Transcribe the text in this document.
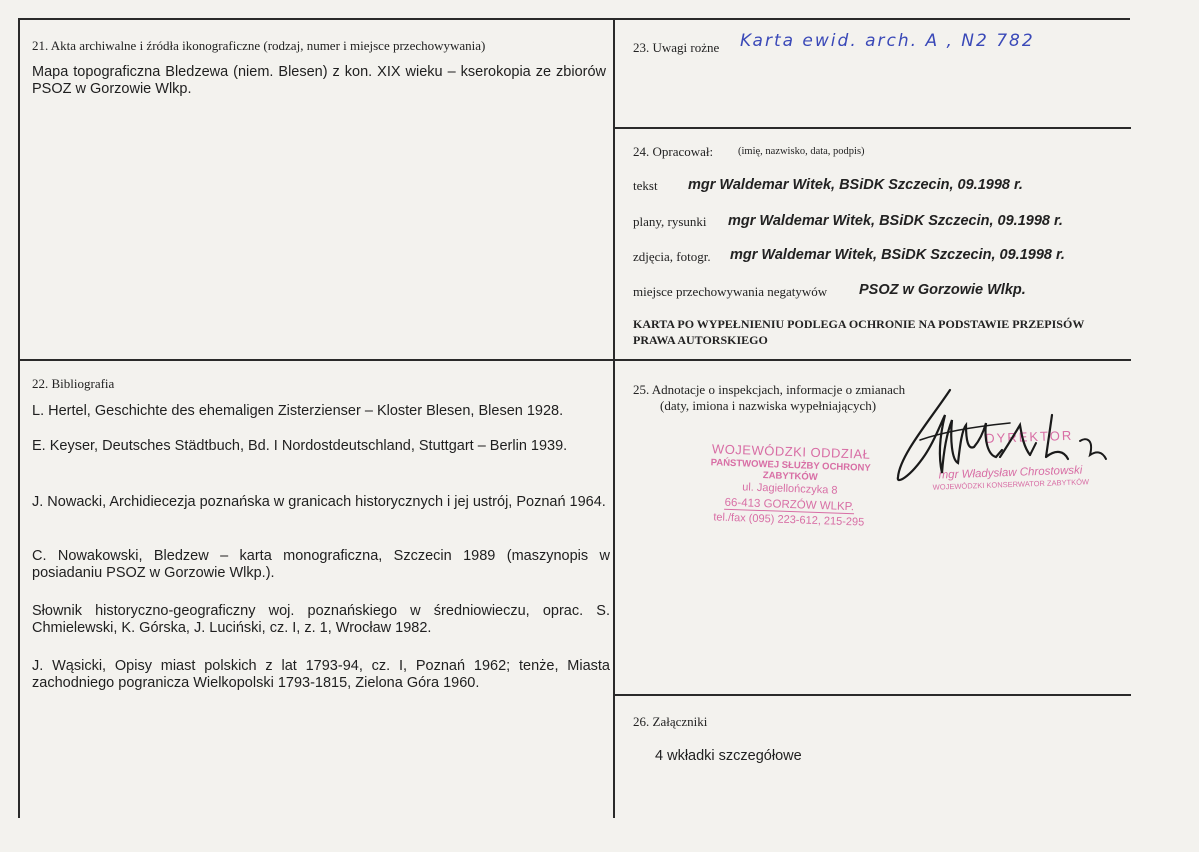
21. Akta archiwalne i źródła ikonograficzne (rodzaj, numer i miejsce przechowywania)
Mapa topograficzna Bledzewa (niem. Blesen) z kon. XIX wieku – kserokopia ze zbiorów PSOZ w Gorzowie Wlkp.
23. Uwagi rożne Karta ewid. arch. A , N2 782
24. Opracował: (imię, nazwisko, data, podpis)
tekst mgr Waldemar Witek, BSiDK Szczecin, 09.1998 r.
plany, rysunki mgr Waldemar Witek, BSiDK Szczecin, 09.1998 r.
zdjęcia, fotogr. mgr Waldemar Witek, BSiDK Szczecin, 09.1998 r.
miejsce przechowywania negatywów PSOZ w Gorzowie Wlkp.
KARTA PO WYPEŁNIENIU PODLEGA OCHRONIE NA PODSTAWIE PRZEPISÓW PRAWA AUTORSKIEGO
22. Bibliografia
L. Hertel, Geschichte des ehemaligen Zisterzienser – Kloster Blesen, Blesen 1928.
E. Keyser, Deutsches Städtbuch, Bd. I Nordostdeutschland, Stuttgart – Berlin 1939.
J. Nowacki, Archidiecezja poznańska w granicach historycznych i jej ustrój, Poznań 1964.
C. Nowakowski, Bledzew – karta monograficzna, Szczecin 1989 (maszynopis w posiadaniu PSOZ w Gorzowie Wlkp.).
Słownik historyczno-geograficzny woj. poznańskiego w średniowieczu, oprac. S. Chmielewski, K. Górska, J. Luciński, cz. I, z. 1, Wrocław 1982.
J. Wąsicki, Opisy miast polskich z lat 1793-94, cz. I, Poznań 1962; tenże, Miasta zachodniego pogranicza Wielkopolski 1793-1815, Zielona Góra 1960.
25. Adnotacje o inspekcjach, informacje o zmianach
(daty, imiona i nazwiska wypełniających)
WOJEWÓDZKI ODDZIAŁ
PAŃSTWOWEJ SŁUŻBY OCHRONY ZABYTKÓW
ul. Jagiellończyka 8
66-413 GORZÓW WLKP.
tel./fax (095) 223-612, 215-295
DYREKTOR
mgr Władysław Chrostowski
WOJEWÓDZKI KONSERWATOR ZABYTKÓW
26. Załączniki
4 wkładki szczegółowe
